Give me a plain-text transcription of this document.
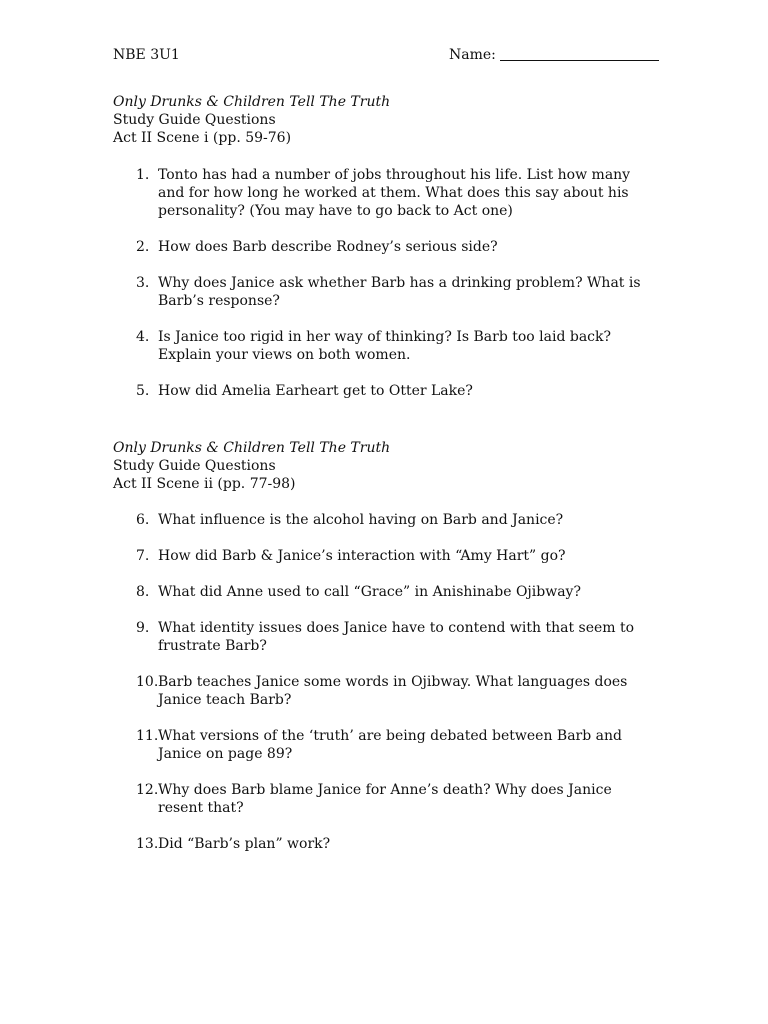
NBE 3U1	Name:
Only Drunks & Children Tell The Truth
Study Guide Questions
Act II Scene i (pp. 59-76)
1. Tonto has had a number of jobs throughout his life. List how many and for how long he worked at them. What does this say about his personality? (You may have to go back to Act one)
2. How does Barb describe Rodney’s serious side?
3. Why does Janice ask whether Barb has a drinking problem? What is Barb’s response?
4. Is Janice too rigid in her way of thinking? Is Barb too laid back? Explain your views on both women.
5. How did Amelia Earheart get to Otter Lake?
Only Drunks & Children Tell The Truth
Study Guide Questions
Act II Scene ii (pp. 77-98)
6. What influence is the alcohol having on Barb and Janice?
7. How did Barb & Janice’s interaction with “Amy Hart” go?
8. What did Anne used to call “Grace” in Anishinabe Ojibway?
9. What identity issues does Janice have to contend with that seem to frustrate Barb?
10. Barb teaches Janice some words in Ojibway. What languages does Janice teach Barb?
11. What versions of the ‘truth’ are being debated between Barb and Janice on page 89?
12. Why does Barb blame Janice for Anne’s death? Why does Janice resent that?
13. Did “Barb’s plan” work?
